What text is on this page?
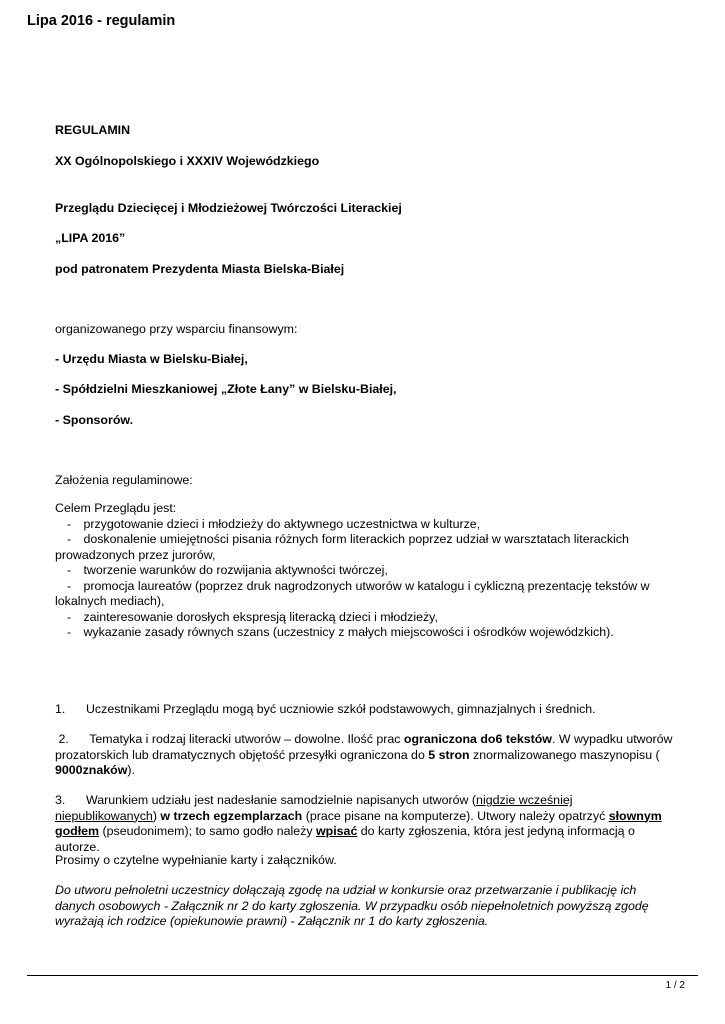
Lipa 2016 - regulamin
REGULAMIN
XX Ogólnopolskiego i XXXIV Wojewódzkiego
Przeglądu Dziecięcej i Młodzieżowej Twórczości Literackiej
„LIPA 2016”
pod patronatem Prezydenta Miasta Bielska-Białej
organizowanego przy wsparciu finansowym:
- Urzędu Miasta w Bielsku-Białej,
- Spółdzielni Mieszkaniowej „Złote Łany” w Bielsku-Białej,
- Sponsorów.
Założenia regulaminowe:
Celem Przeglądu jest:
- przygotowanie dzieci i młodzieży do aktywnego uczestnictwa w kulturze,
- doskonalenie umiejętności pisania różnych form literackich poprzez udział w warsztatach literackich prowadzonych przez jurorów,
- tworzenie warunków do rozwijania aktywności twórczej,
- promocja laureatów (poprzez druk nagrodzonych utworów w katalogu i cykliczną prezentację tekstów w lokalnych mediach),
- zainteresowanie dorosłych ekspresją literacką dzieci i młodzieży,
- wykazanie zasady równych szans (uczestnicy z małych miejscowości i ośrodków wojewódzkich).
1.      Uczestnikami Przeglądu mogą być uczniowie szkół podstawowych, gimnazjalnych i średnich.
2.      Tematyka i rodzaj literacki utworów – dowolne. Ilość prac ograniczona do6 tekstów. W wypadku utworów prozatorskich lub dramatycznych objętość przesyłki ograniczona do 5 stron znormalizowanego maszynopisu ( 9000znaków).
3.      Warunkiem udziału jest nadesłanie samodzielnie napisanych utworów (nigdzie wcześniej niepublikowanych) w trzech egzemplarzach (prace pisane na komputerze). Utwory należy opatrzyć słownym godłem (pseudonimem); to samo godło należy wpisać do karty zgłoszenia, która jest jedyną informacją o autorze.
Prosimy o czytelne wypełnianie karty i załączników.
Do utworu pełnoletni uczestnicy dołączają zgodę na udział w konkursie oraz przetwarzanie i publikację ich danych osobowych - Załącznik nr 2 do karty zgłoszenia. W przypadku osób niepełnoletnich powyższą zgodę wyrażają ich rodzice (opiekunowie prawni) - Załącznik nr 1 do karty zgłoszenia.
1 / 2
